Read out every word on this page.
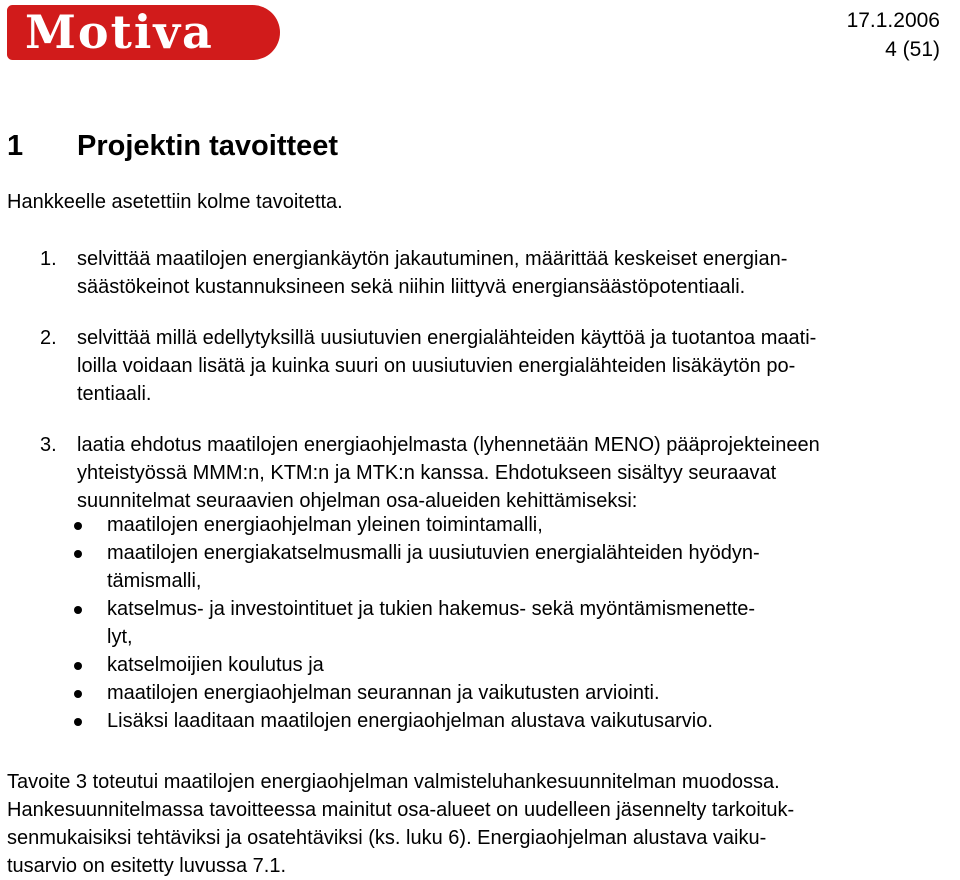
Motiva	17.1.2006
4 (51)
1 Projektin tavoitteet
Hankkeelle asetettiin kolme tavoitetta.
1. selvittää maatilojen energiankäytön jakautuminen, määrittää keskeiset energian-
säästökeinot kustannuksineen sekä niihin liittyvä energiansäästöpotentiaali.
2. selvittää millä edellytyksillä uusiutuvien energialähteiden käyttöä ja tuotantoa maati-
loilla voidaan lisätä ja kuinka suuri on uusiutuvien energialähteiden lisäkäytön po-
tentiaali.
3. laatia ehdotus maatilojen energiaohjelmasta (lyhennetään MENO) pääprojekteineen
yhteistyössä MMM:n, KTM:n ja MTK:n kanssa. Ehdotukseen sisältyy seuraavat
suunnitelmat seuraavien ohjelman osa-alueiden kehittämiseksi:
maatilojen energiaohjelman yleinen toimintamalli,
maatilojen energiakatselmusmalli ja uusiutuvien energialähteiden hyödyn-
tämismalli,
katselmus- ja investointituet ja tukien hakemus- sekä myöntämismenette-
lyt,
katselmoijien koulutus ja
maatilojen energiaohjelman seurannan ja vaikutusten arviointi.
Lisäksi laaditaan maatilojen energiaohjelman alustava vaikutusarvio.
Tavoite 3 toteutui maatilojen energiaohjelman valmisteluhankesuunnitelman muodossa.
Hankesuunnitelmassa tavoitteessa mainitut osa-alueet on uudelleen jäsennelty tarkoituk-
senmukaisiksi tehtäviksi ja osatehtäviksi (ks. luku 6). Energiaohjelman alustava vaiku-
tusarvio on esitetty luvussa 7.1.
